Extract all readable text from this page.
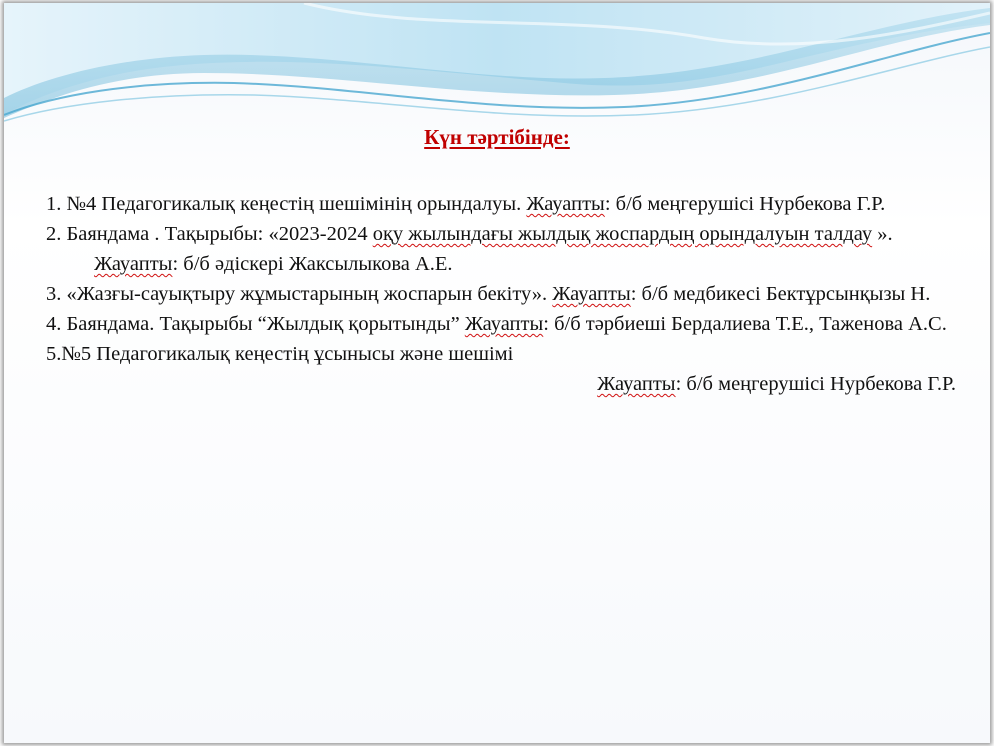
Күн тәртібінде:
1. №4 Педагогикалық кеңестің шешімінің орындалуы. Жауапты: б/б меңгерушісі Нурбекова Г.Р.
2. Баяндама . Тақырыбы: «2023-2024 оқу жылындағы жылдық жоспардың орындалуын талдау ». Жауапты: б/б әдіскері Жаксылыкова А.Е.
3. «Жазғы-сауықтыру жұмыстарының жоспарын бекіту». Жауапты: б/б медбикесі Бектұрсынқызы Н.
4. Баяндама. Тақырыбы “Жылдық қорытынды” Жауапты: б/б тәрбиеші Бердалиева Т.Е., Таженова А.С.
5.№5 Педагогикалық кеңестің ұсынысы және шешімі
Жауапты: б/б меңгерушісі Нурбекова Г.Р.
